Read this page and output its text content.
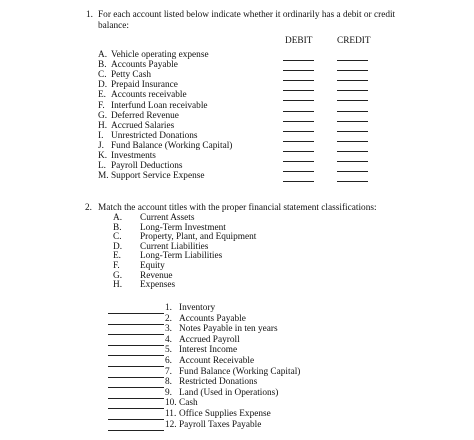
1. For each account listed below indicate whether it ordinarily has a debit or credit
balance:
DEBIT	CREDIT
A. Vehicle operating expense
B. Accounts Payable
C. Petty Cash
D. Prepaid Insurance
E. Accounts receivable
F. Interfund Loan receivable
G. Deferred Revenue
H. Accrued Salaries
I. Unrestricted Donations
J. Fund Balance (Working Capital)
K. Investments
L. Payroll Deductions
M. Support Service Expense
2. Match the account titles with the proper financial statement classifications:
A. Current Assets
B. Long-Term Investment
C. Property, Plant, and Equipment
D. Current Liabilities
E. Long-Term Liabilities
F. Equity
G. Revenue
H. Expenses
1. Inventory
2. Accounts Payable
3. Notes Payable in ten years
4. Accrued Payroll
5. Interest Income
6. Account Receivable
7. Fund Balance (Working Capital)
8. Restricted Donations
9. Land (Used in Operations)
10. Cash
11. Office Supplies Expense
12. Payroll Taxes Payable
